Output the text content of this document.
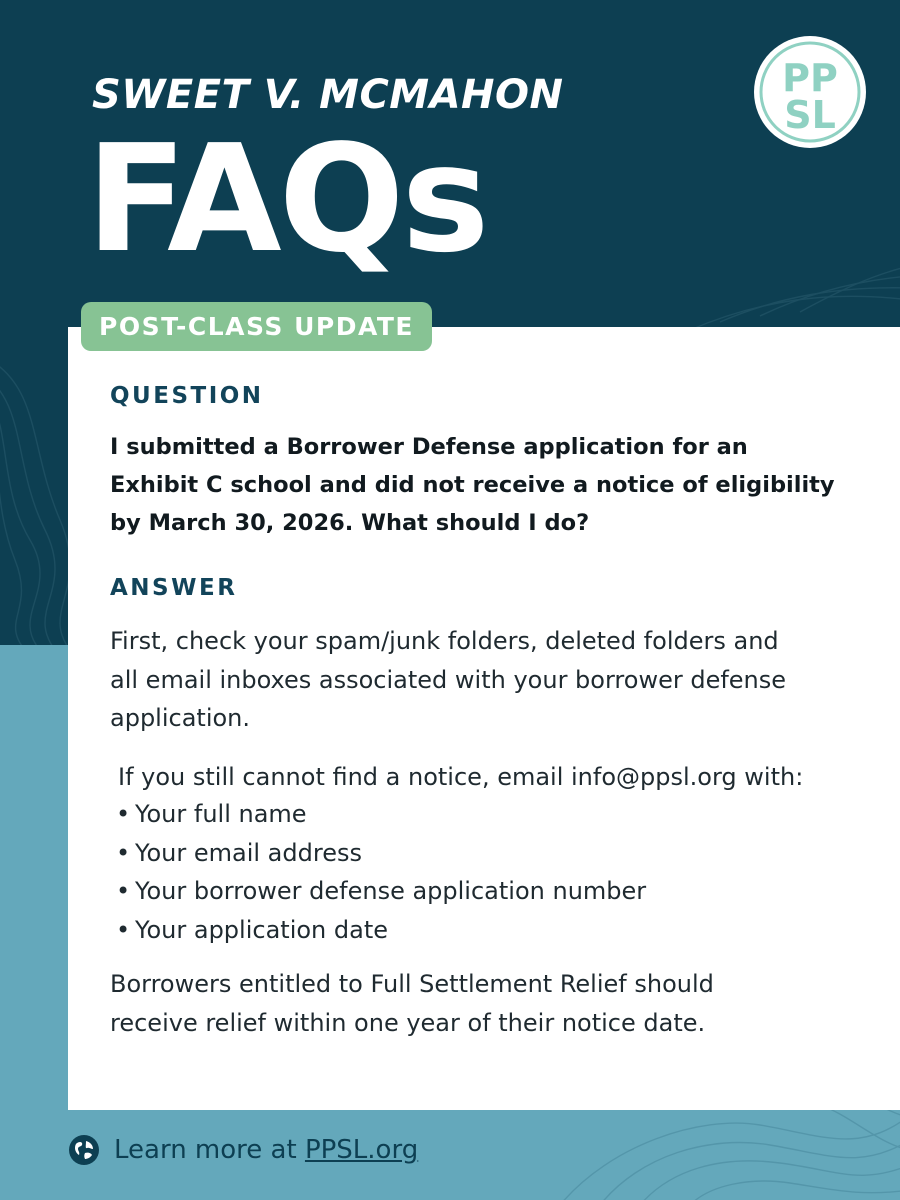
SWEET V. MCMAHON
FAQs
PP
SL
POST-CLASS UPDATE
QUESTION

I submitted a Borrower Defense application for an
Exhibit C school and did not receive a notice of eligibility
by March 30, 2026. What should I do?

ANSWER

First, check your spam/junk folders, deleted folders and
all email inboxes associated with your borrower defense
application.

If you still cannot find a notice, email info@ppsl.org with:

• Your full name
• Your email address
• Your borrower defense application number
• Your application date

Borrowers entitled to Full Settlement Relief should
receive relief within one year of their notice date.

Learn more at PPSL.org
